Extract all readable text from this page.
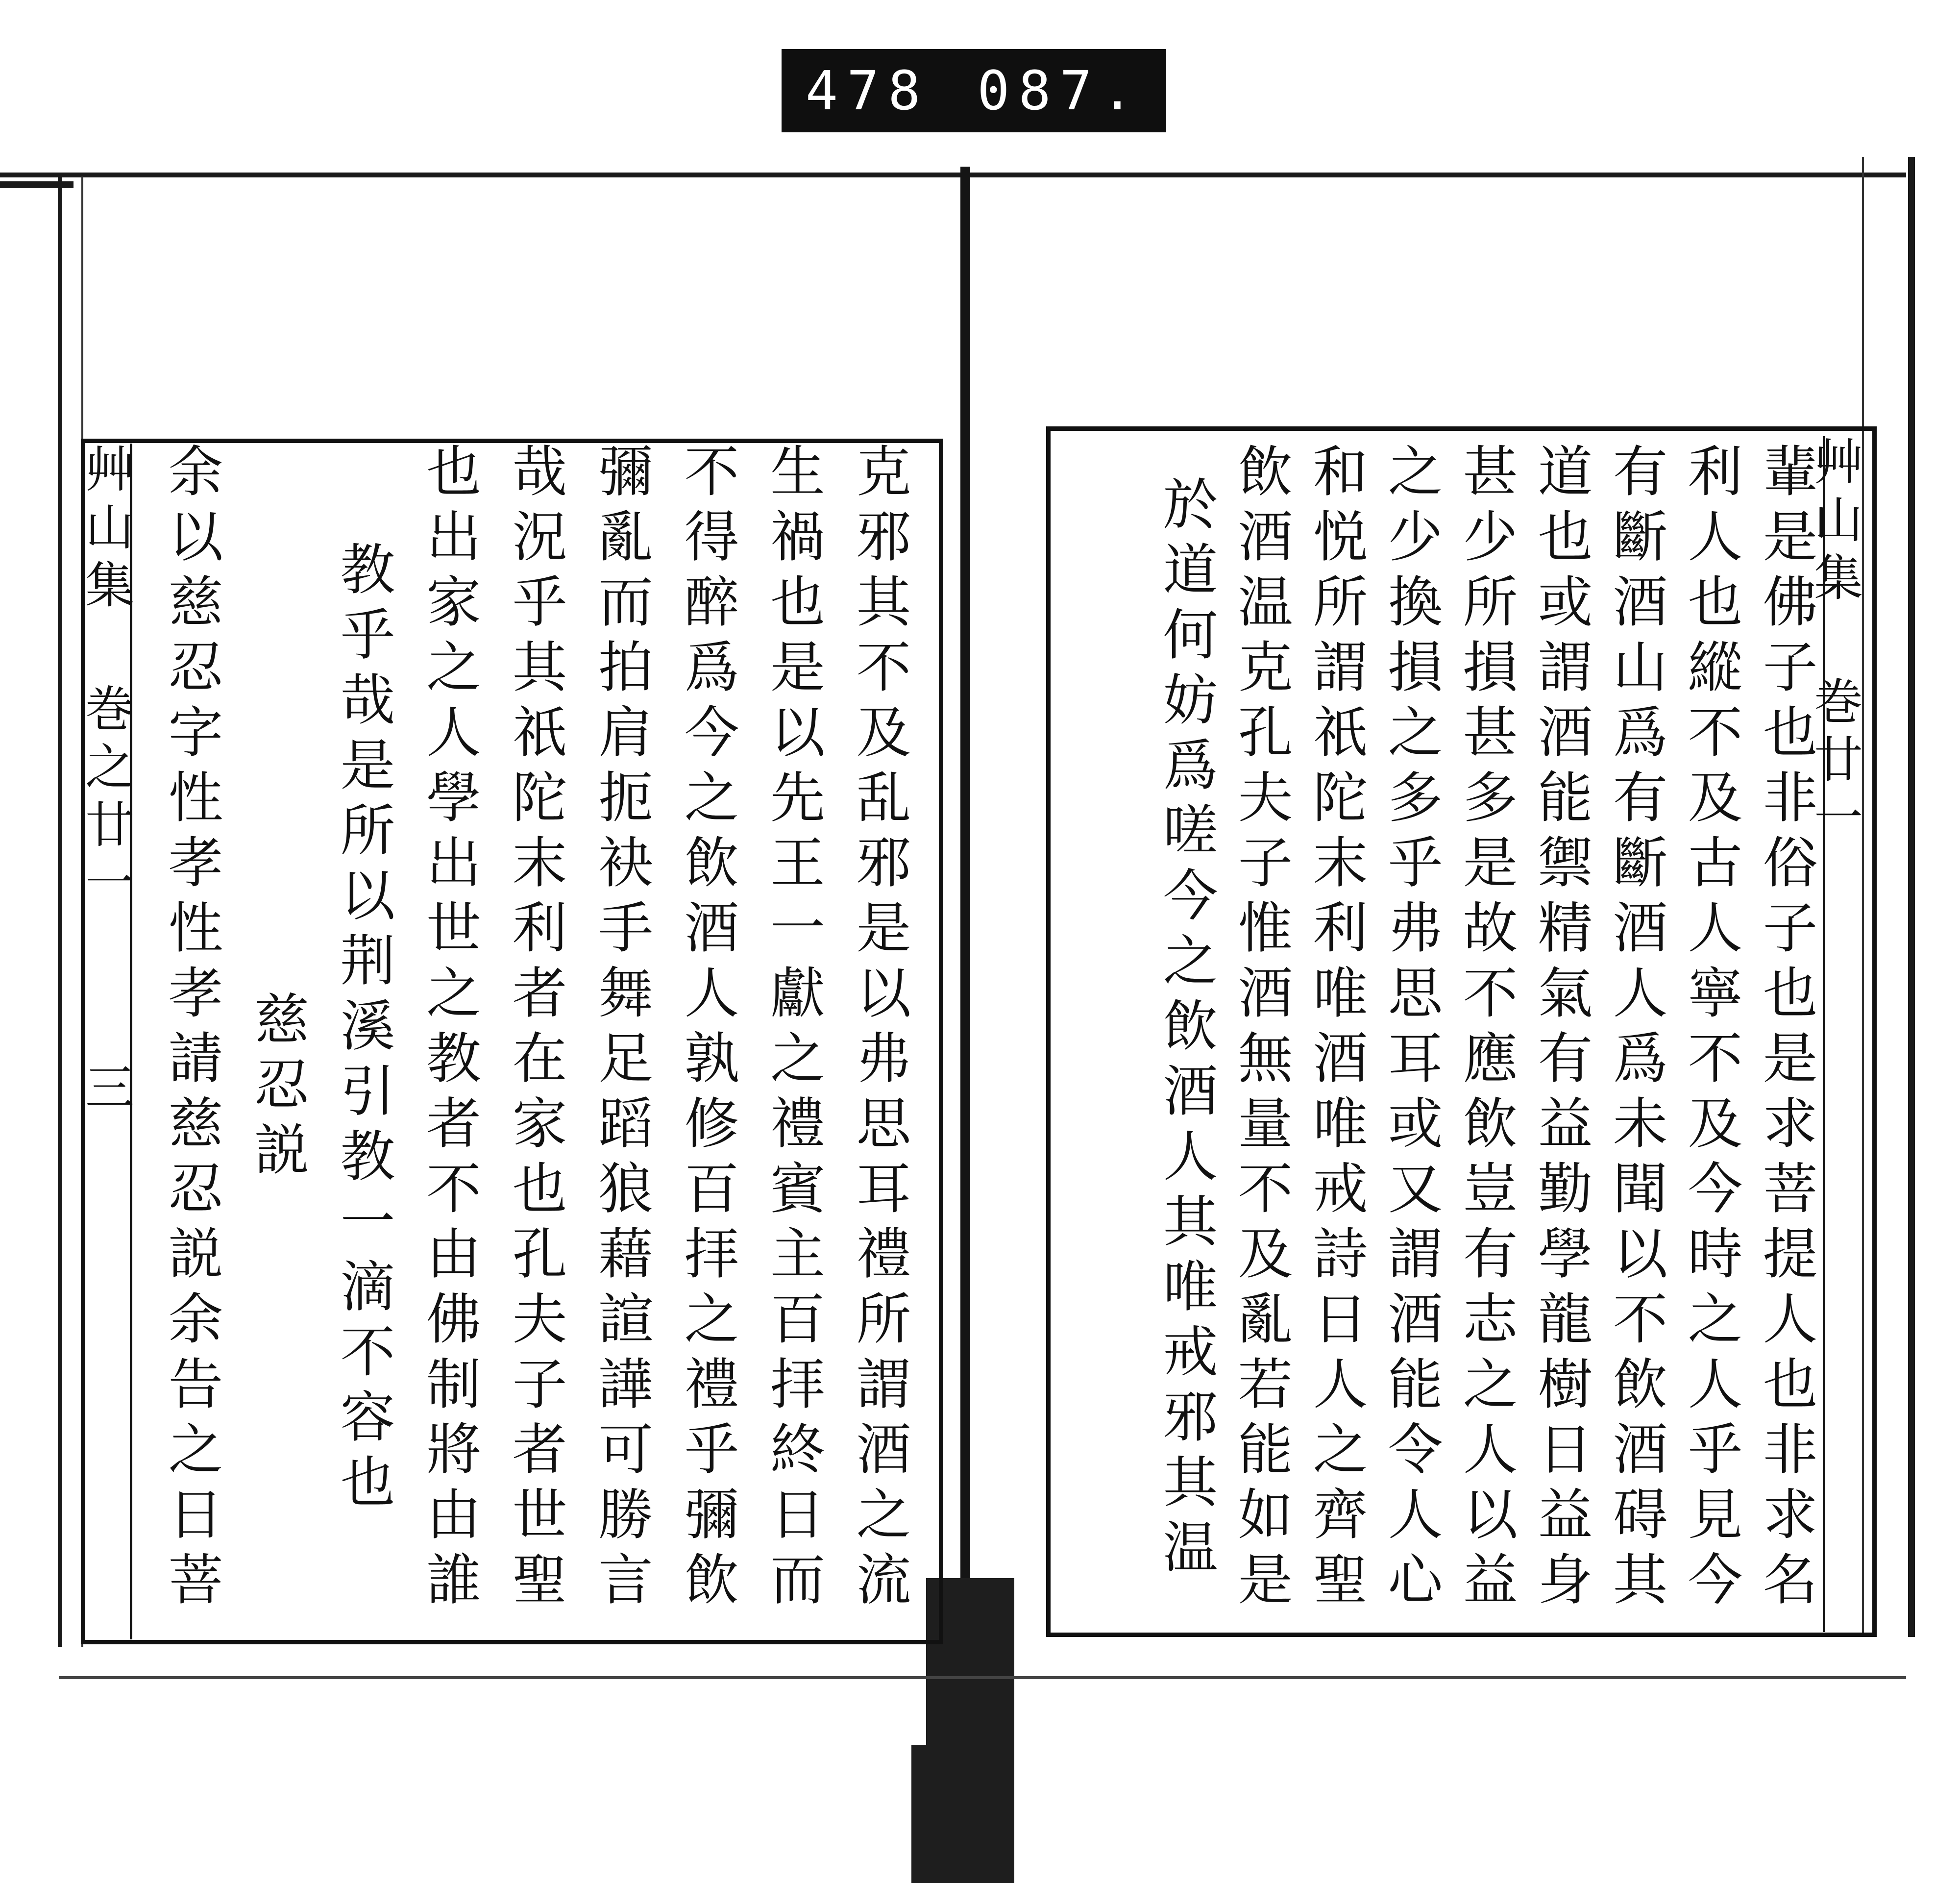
478 087.
艸山集 巻之廿一
三	克邪其不及乱邪是以弗思耳禮所謂酒之流
生禍也是以先王一獻之禮賓主百拝終日而
不得醉爲今之飲酒人孰修百拝之禮乎彌飲
彌亂而拍肩扼袂手舞足蹈狼藉諠譁可勝言
哉況乎其祇陀末利者在家也孔夫子者世聖
也出家之人學出世之教者不由佛制將由誰
教乎哉是所以荆溪引教一滴不容也
慈忍説
余以慈忍字性孝性孝請慈忍説余告之日菩	艸山集 巻廿一
輩是佛子也非俗子也是求菩提人也非求名
利人也縱不及古人寧不及今時之人乎見今
有斷酒山爲有斷酒人爲未聞以不飲酒碍其
道也或謂酒能禦精氣有益勤學龍樹日益身
甚少所損甚多是故不應飲豈有志之人以益
之少換損之多乎弗思耳或又謂酒能令人心
和悦所謂祇陀末利唯酒唯戒詩日人之齊聖
飲酒温克孔夫子惟酒無量不及亂若能如是
於道何妨爲嗟今之飲酒人其唯戒邪其温
